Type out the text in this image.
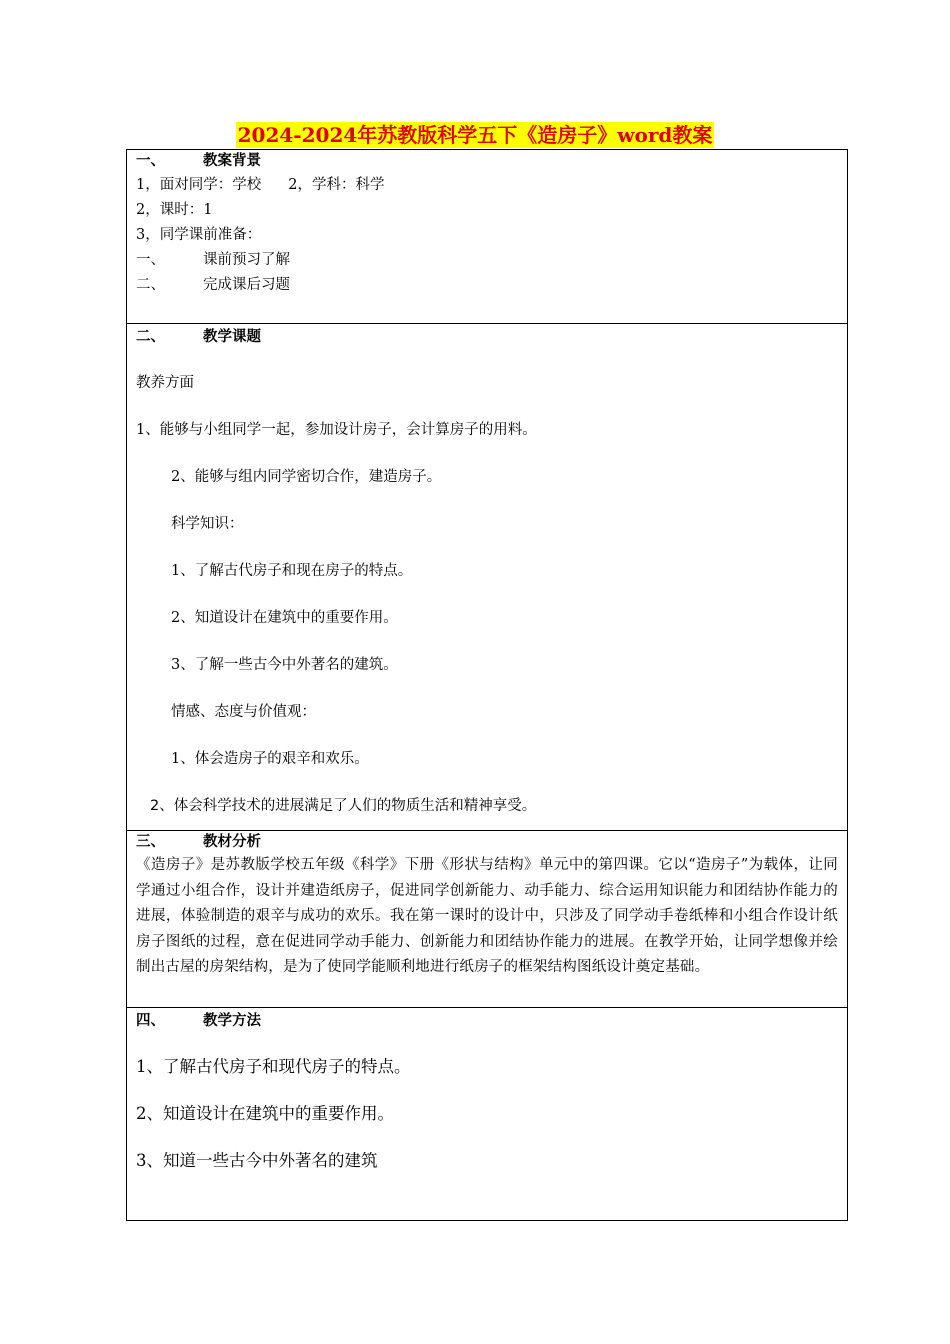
2024-2024年苏教版科学五下《造房子》word教案

一、	教案背景

1，面对同学：学校 2，学科：科学

2，课时：1

3，同学课前准备：

一、	课前预习了解

二、	完成课后习题

二、	教学课题

教养方面

1、能够与小组同学一起，参加设计房子，会计算房子的用料。

2、能够与组内同学密切合作，建造房子。

科学知识：

1、了解古代房子和现在房子的特点。

2、知道设计在建筑中的重要作用。

3、了解一些古今中外著名的建筑。

情感、态度与价值观：

1、体会造房子的艰辛和欢乐。

2、体会科学技术的进展满足了人们的物质生活和精神享受。

三、	教材分析

《造房子》是苏教版学校五年级《科学》下册《形状与结构》单元中的第四课。它以“造房子”为载体，让同学通过小组合作，设计并建造纸房子，促进同学创新能力、动手能力、综合运用知识能力和团结协作能力的进展，体验制造的艰辛与成功的欢乐。我在第一课时的设计中，只涉及了同学动手卷纸棒和小组合作设计纸房子图纸的过程，意在促进同学动手能力、创新能力和团结协作能力的进展。在教学开始，让同学想像并绘制出古屋的房架结构，是为了使同学能顺利地进行纸房子的框架结构图纸设计奠定基础。

四、	教学方法

1、了解古代房子和现代房子的特点。

2、知道设计在建筑中的重要作用。

3、知道一些古今中外著名的建筑
